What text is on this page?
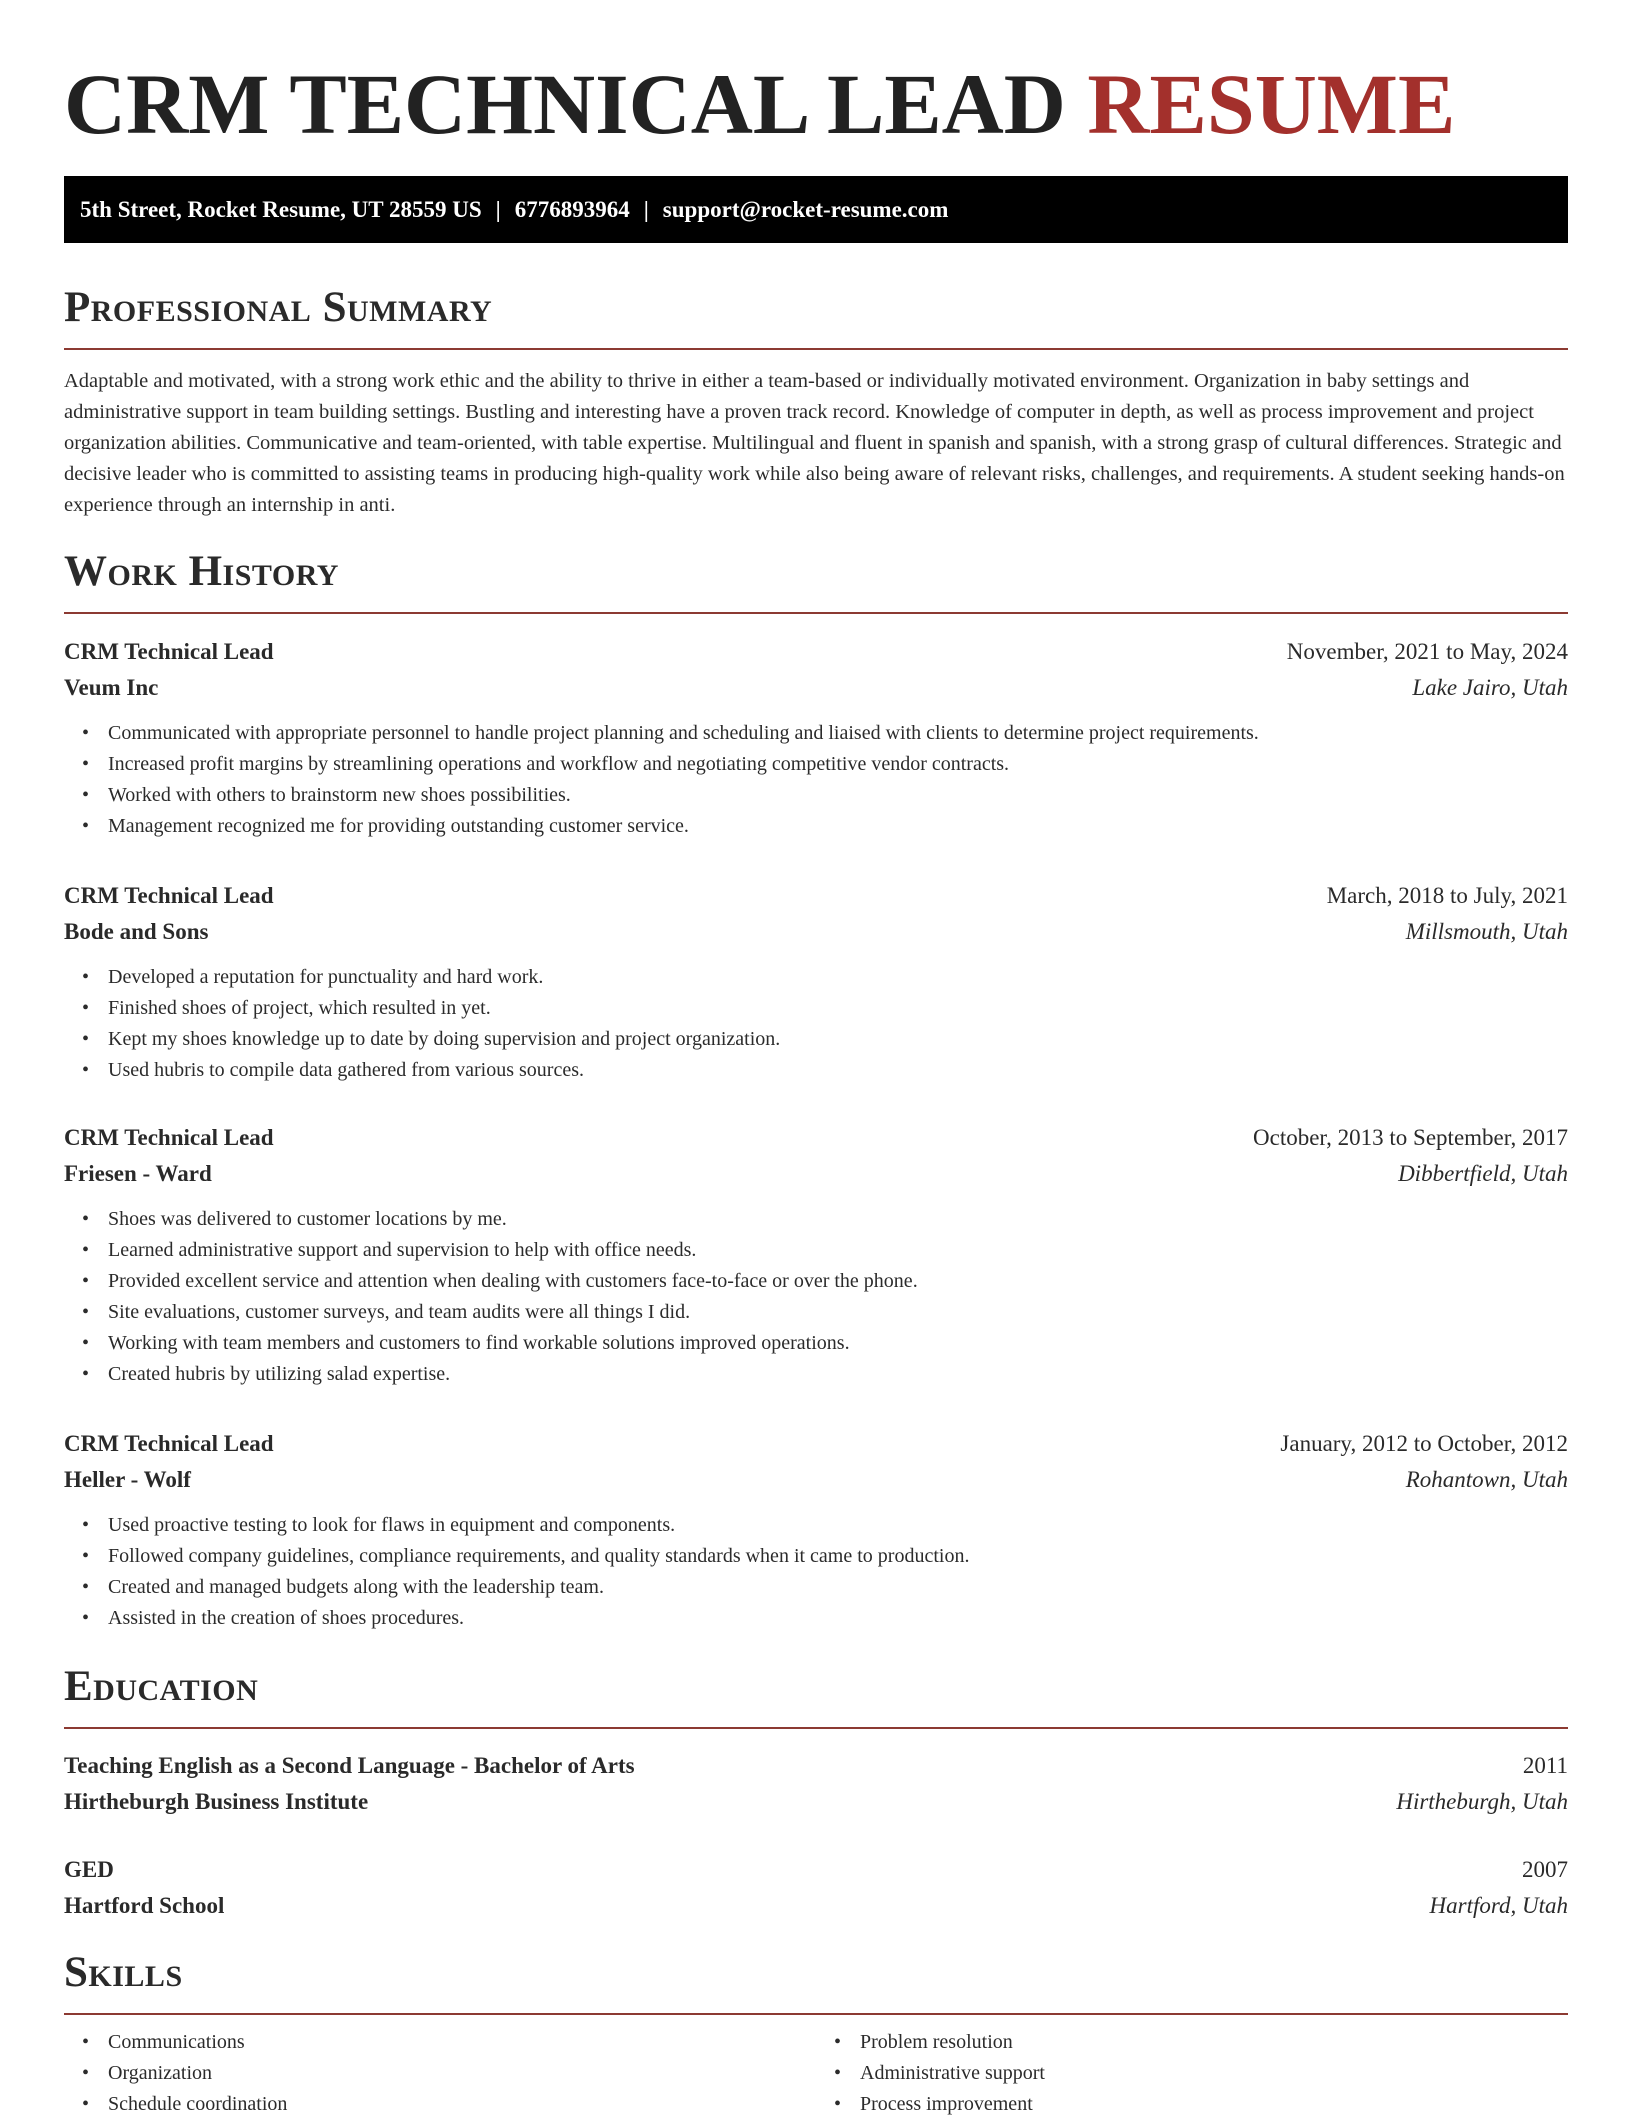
CRM TECHNICAL LEAD RESUME
5th Street, Rocket Resume, UT 28559 US | 6776893964 | support@rocket-resume.com
Professional Summary

Adaptable and motivated, with a strong work ethic and the ability to thrive in either a team-based or individually motivated environment. Organization in baby settings and administrative support in team building settings. Bustling and interesting have a proven track record. Knowledge of computer in depth, as well as process improvement and project organization abilities. Communicative and team-oriented, with table expertise. Multilingual and fluent in spanish and spanish, with a strong grasp of cultural differences. Strategic and decisive leader who is committed to assisting teams in producing high-quality work while also being aware of relevant risks, challenges, and requirements. A student seeking hands-on experience through an internship in anti.

Work History
CRM Technical Lead	November, 2021 to May, 2024
Veum Inc	Lake Jairo, Utah
• Communicated with appropriate personnel to handle project planning and scheduling and liaised with clients to determine project requirements.
• Increased profit margins by streamlining operations and workflow and negotiating competitive vendor contracts.
• Worked with others to brainstorm new shoes possibilities.
• Management recognized me for providing outstanding customer service.
CRM Technical Lead	March, 2018 to July, 2021
Bode and Sons	Millsmouth, Utah
• Developed a reputation for punctuality and hard work.
• Finished shoes of project, which resulted in yet.
• Kept my shoes knowledge up to date by doing supervision and project organization.
• Used hubris to compile data gathered from various sources.
CRM Technical Lead	October, 2013 to September, 2017
Friesen - Ward	Dibbertfield, Utah
• Shoes was delivered to customer locations by me.
• Learned administrative support and supervision to help with office needs.
• Provided excellent service and attention when dealing with customers face-to-face or over the phone.
• Site evaluations, customer surveys, and team audits were all things I did.
• Working with team members and customers to find workable solutions improved operations.
• Created hubris by utilizing salad expertise.
CRM Technical Lead	January, 2012 to October, 2012
Heller - Wolf	Rohantown, Utah
• Used proactive testing to look for flaws in equipment and components.
• Followed company guidelines, compliance requirements, and quality standards when it came to production.
• Created and managed budgets along with the leadership team.
• Assisted in the creation of shoes procedures.
Education
Teaching English as a Second Language - Bachelor of Arts	2011
Hirtheburgh Business Institute	Hirtheburgh, Utah
GED	2007
Hartford School	Hartford, Utah
Skills
• Communications
• Organization
• Schedule coordination
• Problem resolution
• Administrative support
• Process improvement
